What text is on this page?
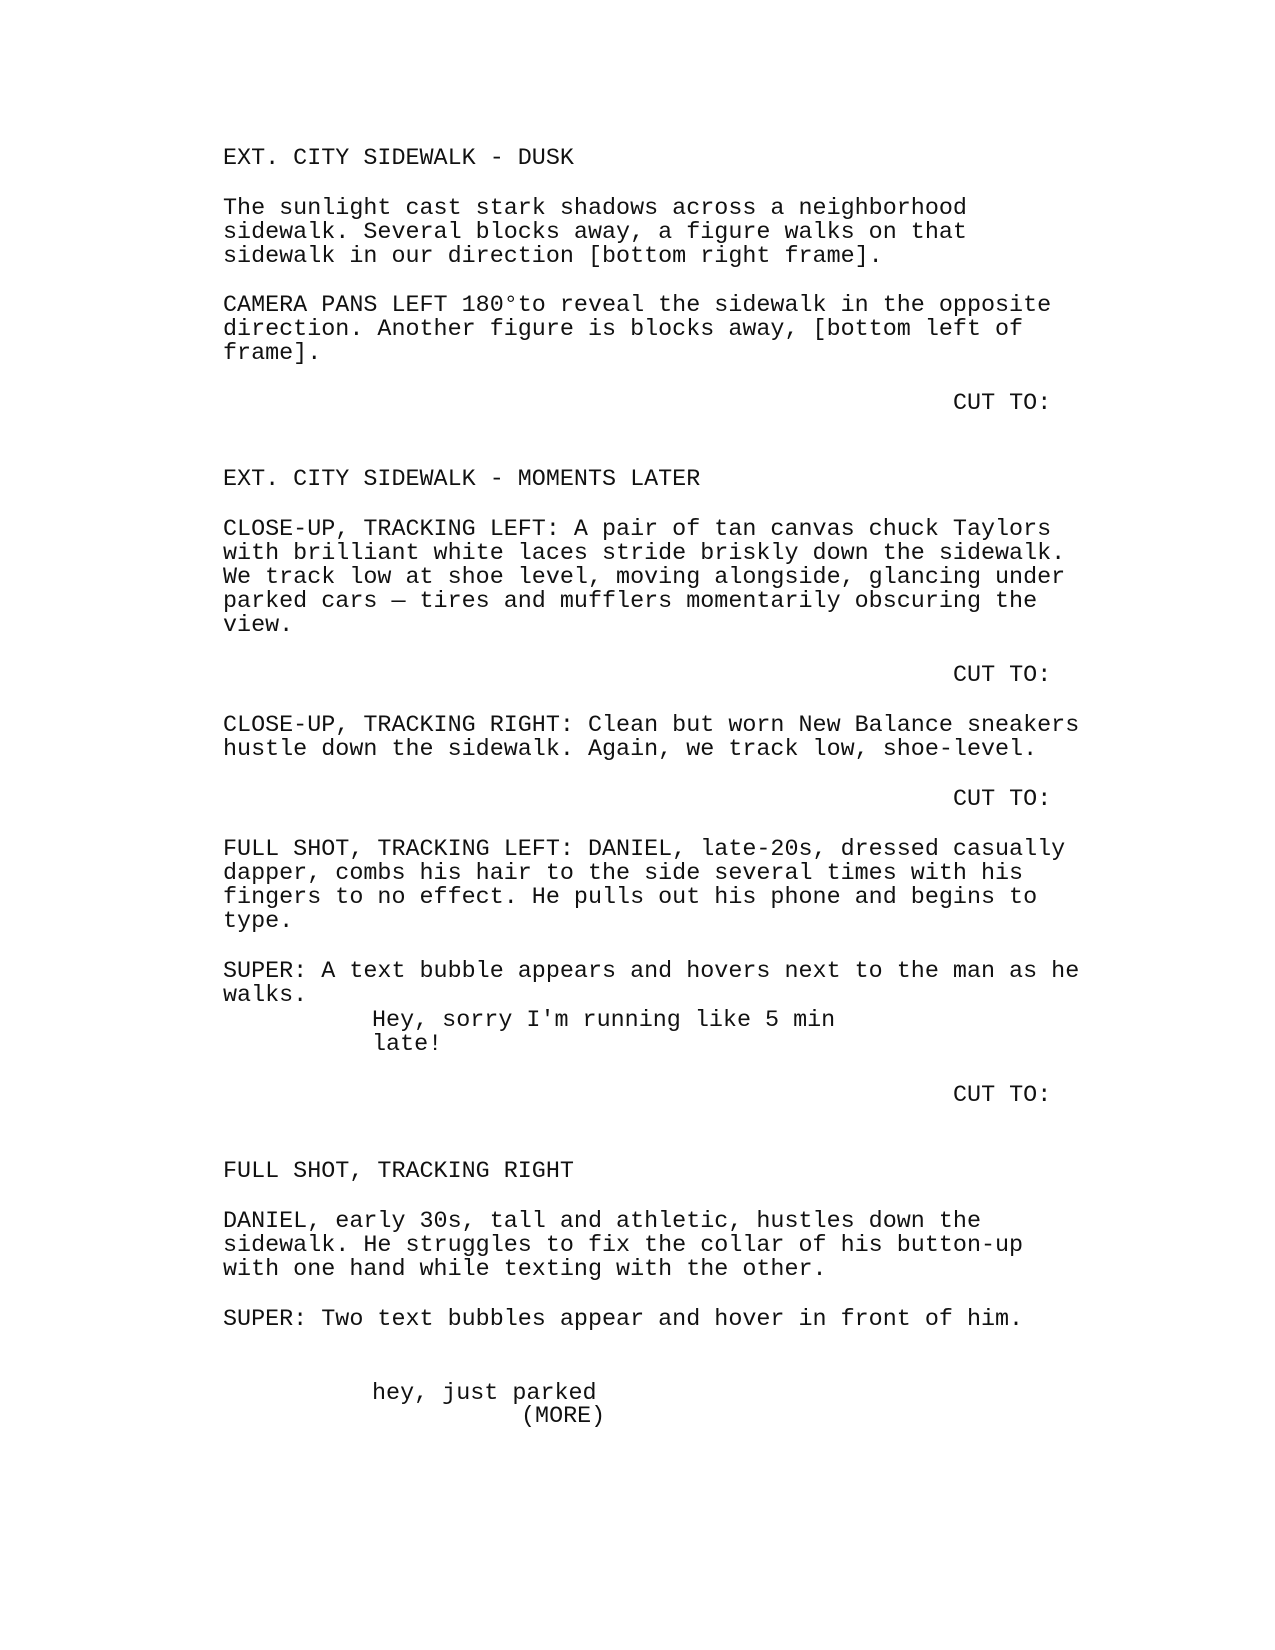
EXT. CITY SIDEWALK - DUSK

The sunlight cast stark shadows across a neighborhood

sidewalk. Several blocks away, a figure walks on that

sidewalk in our direction [bottom right frame].

CAMERA PANS LEFT 180°to reveal the sidewalk in the opposite

direction. Another figure is blocks away, [bottom left of

frame].

CUT TO:

EXT. CITY SIDEWALK - MOMENTS LATER

CLOSE-UP, TRACKING LEFT: A pair of tan canvas chuck Taylors

with brilliant white laces stride briskly down the sidewalk.

We track low at shoe level, moving alongside, glancing under

parked cars — tires and mufflers momentarily obscuring the

view.

CUT TO:

CLOSE-UP, TRACKING RIGHT: Clean but worn New Balance sneakers

hustle down the sidewalk. Again, we track low, shoe-level.

CUT TO:

FULL SHOT, TRACKING LEFT: DANIEL, late-20s, dressed casually

dapper, combs his hair to the side several times with his

fingers to no effect. He pulls out his phone and begins to

type.

SUPER: A text bubble appears and hovers next to the man as he

walks.

Hey, sorry I'm running like 5 min

late!

CUT TO:

FULL SHOT, TRACKING RIGHT

DANIEL, early 30s, tall and athletic, hustles down the

sidewalk. He struggles to fix the collar of his button-up

with one hand while texting with the other.

SUPER: Two text bubbles appear and hover in front of him.

hey, just parked

(MORE)
